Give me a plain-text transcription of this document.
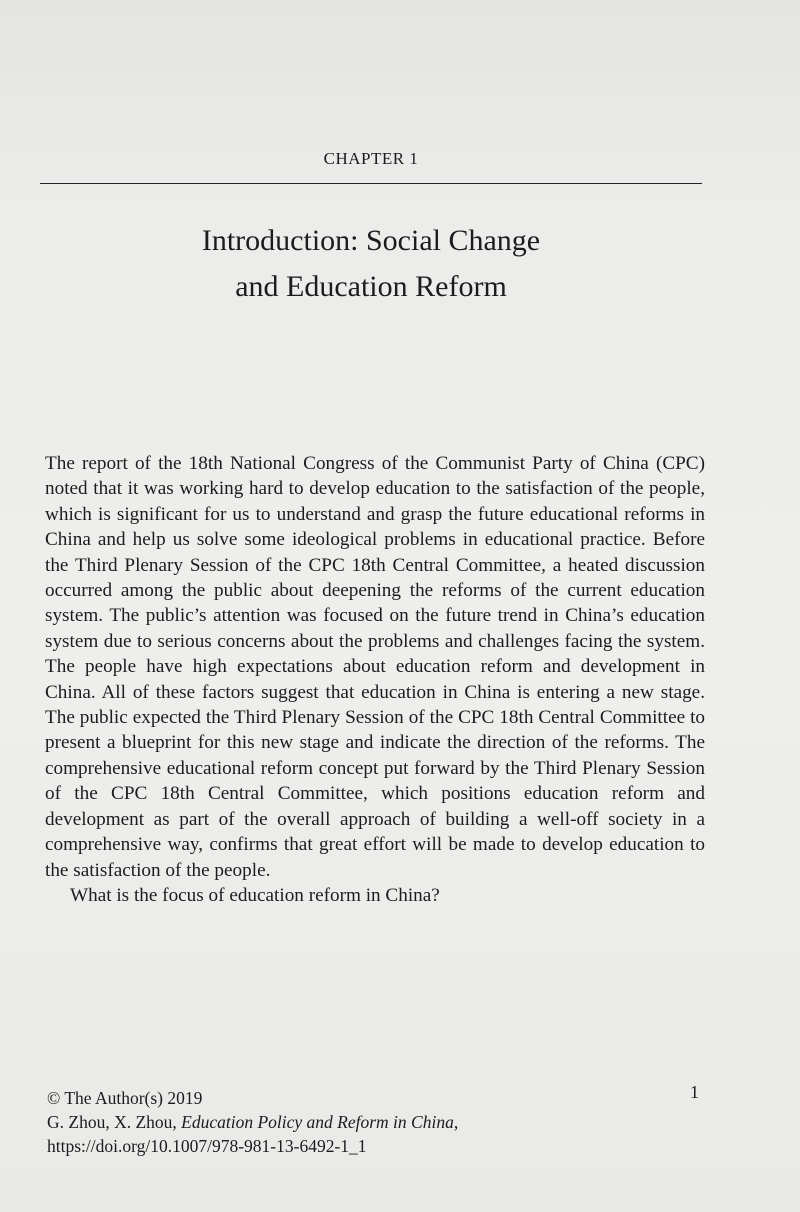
CHAPTER 1
Introduction: Social Change
and Education Reform

The report of the 18th National Congress of the Communist Party of China (CPC) noted that it was working hard to develop education to the satisfaction of the people, which is significant for us to understand and grasp the future educational reforms in China and help us solve some ideological problems in educational practice. Before the Third Plenary Session of the CPC 18th Central Committee, a heated discussion occurred among the public about deepening the reforms of the current education system. The public’s attention was focused on the future trend in China’s education system due to serious concerns about the problems and challenges facing the system. The people have high expectations about education reform and development in China. All of these factors suggest that education in China is entering a new stage. The public expected the Third Plenary Session of the CPC 18th Central Committee to present a blueprint for this new stage and indicate the direction of the reforms. The comprehensive educational reform concept put forward by the Third Plenary Session of the CPC 18th Central Committee, which positions education reform and development as part of the overall approach of building a well-off society in a comprehensive way, confirms that great effort will be made to develop education to the satisfaction of the people.

What is the focus of education reform in China?

1
© The Author(s) 2019
G. Zhou, X. Zhou, Education Policy and Reform in China,
https://doi.org/10.1007/978-981-13-6492-1_1
